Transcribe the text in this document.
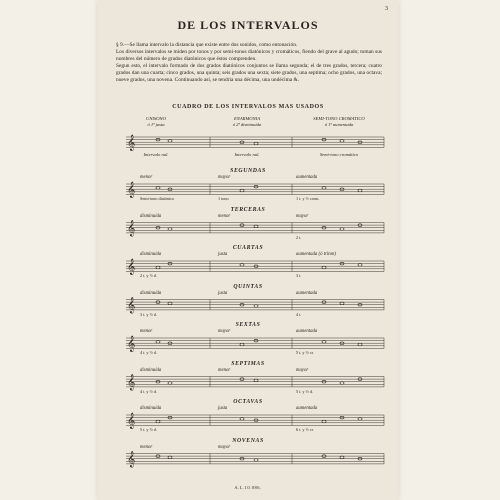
3
DE LOS INTERVALOS

§ 9.—Se llama intervalo la distancia que existe entre dos sonidos, como entonación.

Los diversos intervalos se miden por tonos y por semi-tonos diatónicos y cromáticos, fiendo del grave al agudo; toman sus nombres del número de grados diatónicos que éstos comprenden.

Segun esto, el intervalo formado de dos grados diatónicos conjuntos se llama segunda; el de tres grados, tercera; cuatro grados dan una cuarta; cinco grados, una quinta; seis grados una sexta; siete grados, una septima; ocho grados, una octava; nueve grados, una novena. Continuando así, se tendria una décima, una undécima &.

CUADRO DE LOS INTERVALOS MAS USADOS
UNISONO
ó 1ª justa
ENARMONIA
ó 2ª disminuida
SEMI-TONO CROMATICO
ó 1ª aumentada
Intervalo nul.	Intervalo nul.	Semi-tono cromático
𝄞
𝄞
𝄞
𝄞
𝄞
𝄞
𝄞
𝄞
𝄞
SEGUNDAS
menor	mayor	aumentada
Semi-tono diatónico	1 tono	1 t. y ½ crom.
TERCERAS
disminuida	menor	mayor
2 t.
CUARTAS
disminuida	justa	aumentada (ó triton)
2 t. y ½ d.	3 t.
QUINTAS
disminuida	justa	aumentada
3 t. y ½ d.	4 t.
SEXTAS
menor	mayor	aumentada
4 t. y ½ d.	5 t. y ½ cr.
SEPTIMAS
disminuida	menor	mayor
4 t. y ½ d.	5 t. y ½ d.
OCTAVAS
disminuida	justa	aumentada
5 t. y ½ d.	6 t. y ½ cr.
NOVENAS
menor	mayor
A.L.10.086.
